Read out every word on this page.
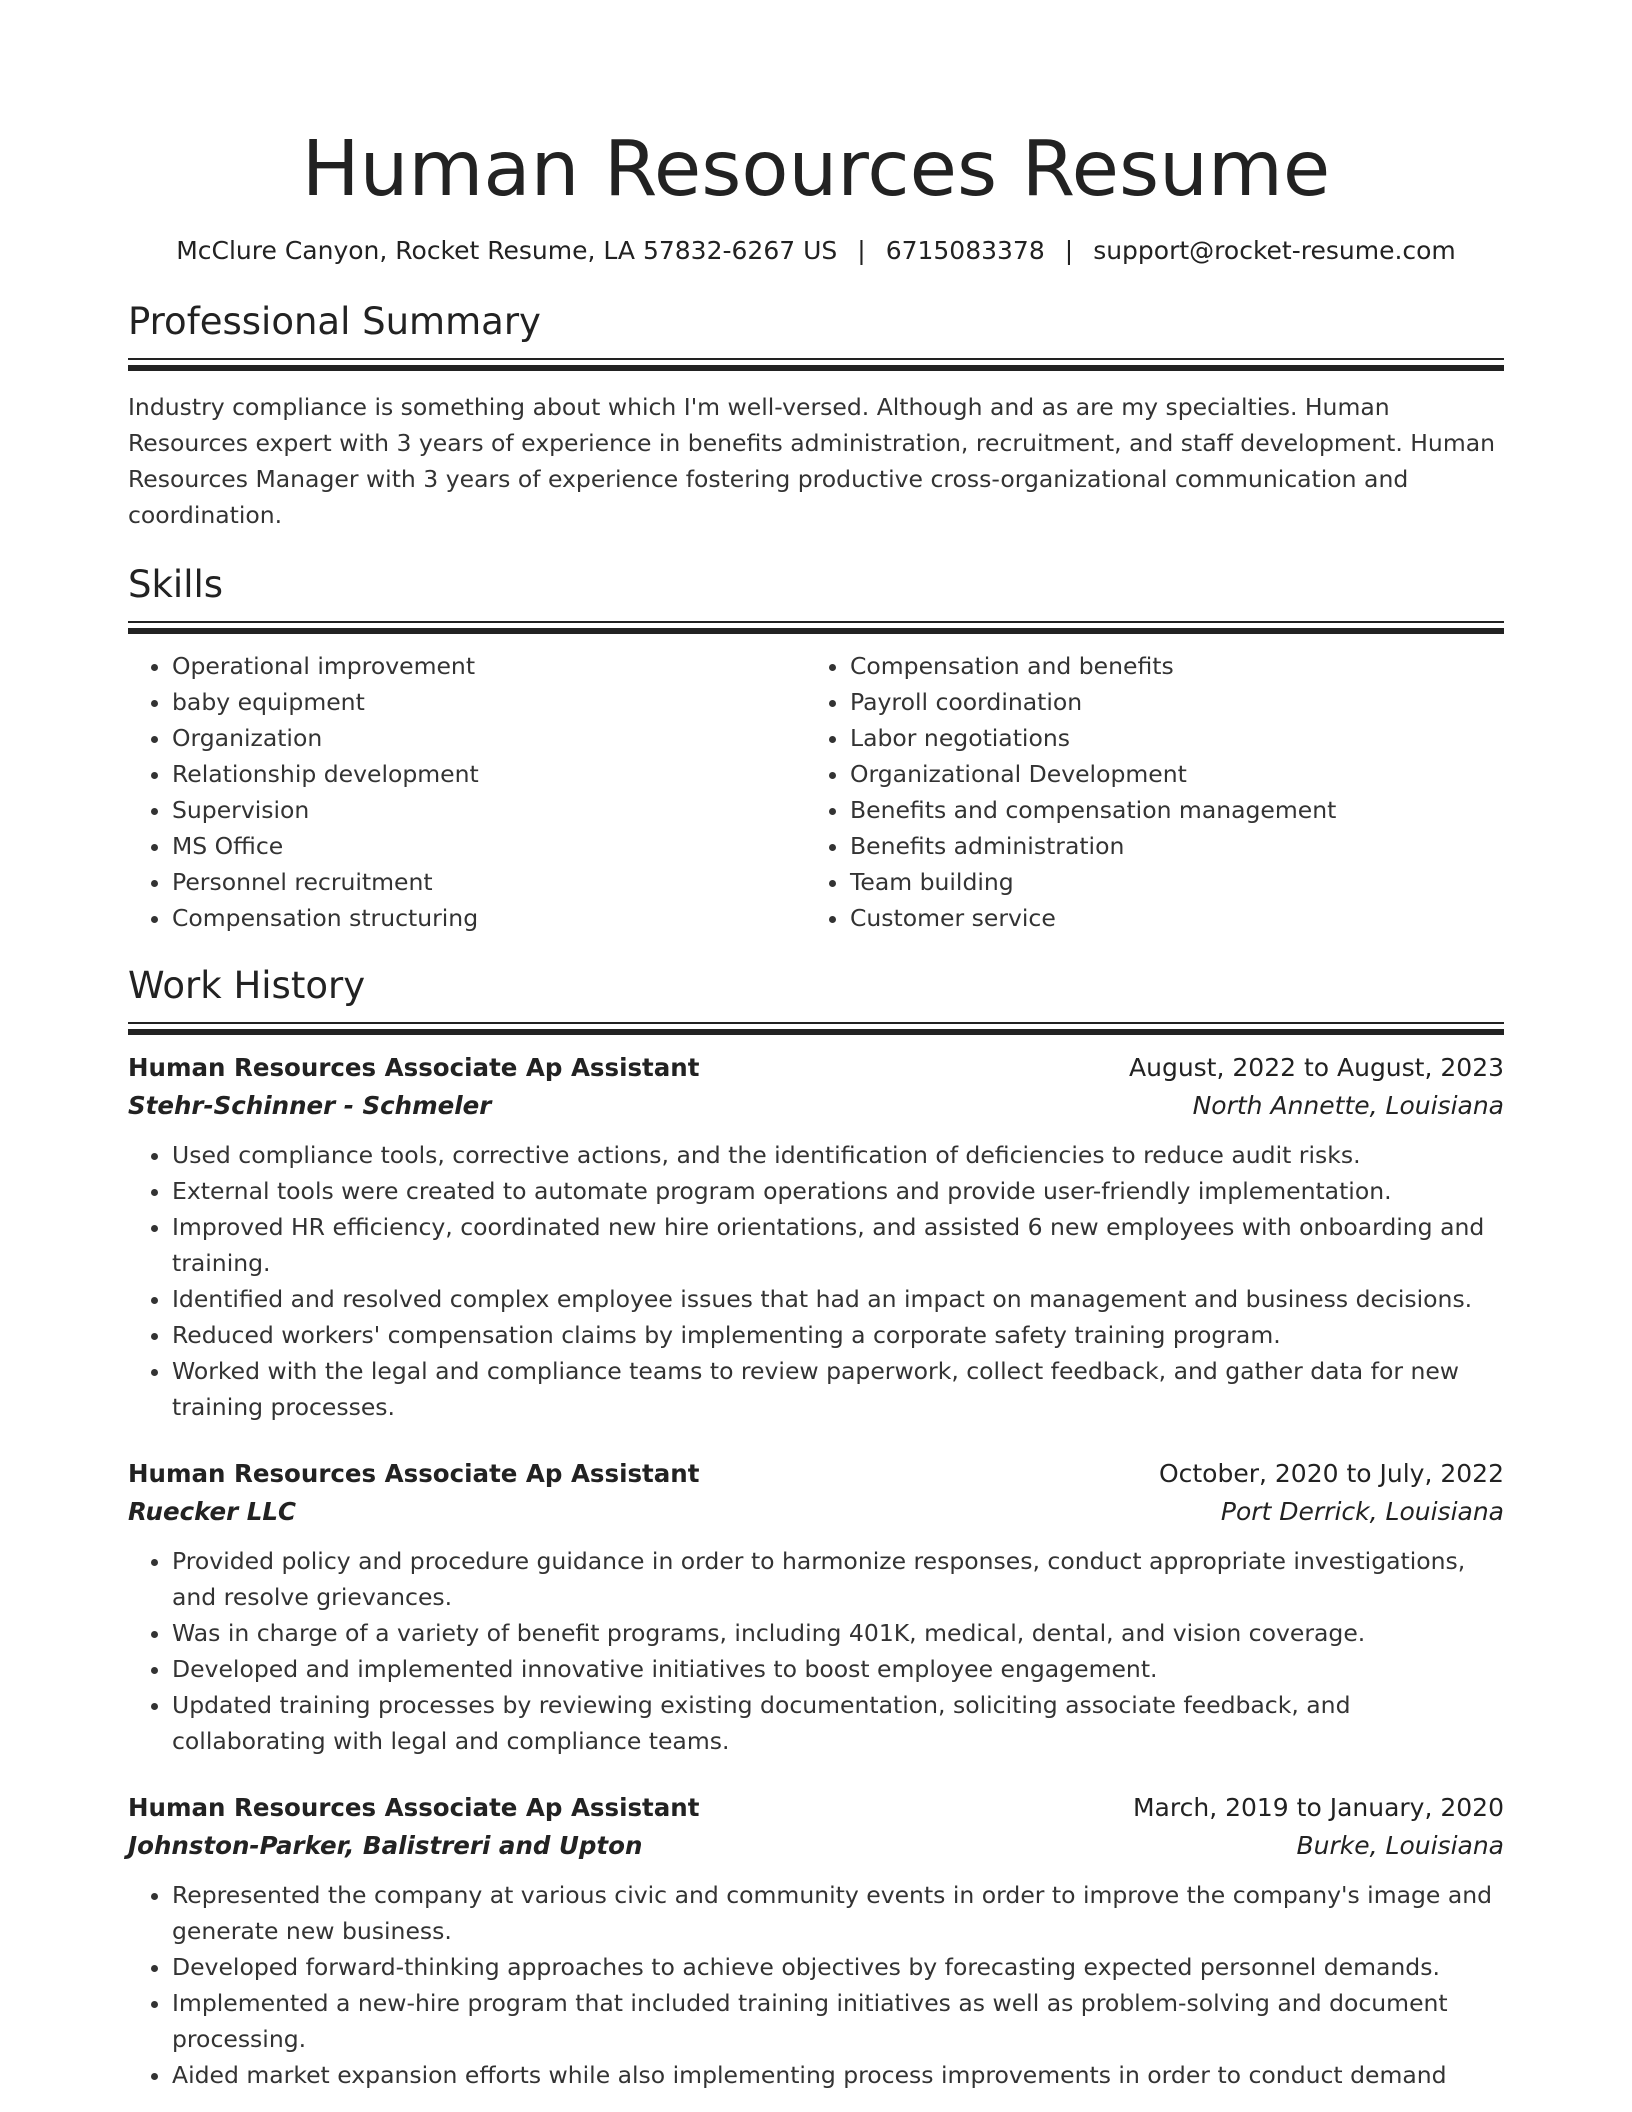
Human Resources Resume
McClure Canyon, Rocket Resume, LA 57832-6267 US | 6715083378 | support@rocket-resume.com
Professional Summary
Industry compliance is something about which I'm well-versed. Although and as are my specialties. Human Resources expert with 3 years of experience in benefits administration, recruitment, and staff development. Human Resources Manager with 3 years of experience fostering productive cross-organizational communication and coordination.
Skills
• Operational improvement
• baby equipment
• Organization
• Relationship development
• Supervision
• MS Office
• Personnel recruitment
• Compensation structuring
• Compensation and benefits
• Payroll coordination
• Labor negotiations
• Organizational Development
• Benefits and compensation management
• Benefits administration
• Team building
• Customer service
Work History
Human Resources Associate Ap Assistant	August, 2022 to August, 2023
Stehr-Schinner - Schmeler	North Annette, Louisiana
• Used compliance tools, corrective actions, and the identification of deficiencies to reduce audit risks.
• External tools were created to automate program operations and provide user-friendly implementation.
• Improved HR efficiency, coordinated new hire orientations, and assisted 6 new employees with onboarding and training.
• Identified and resolved complex employee issues that had an impact on management and business decisions.
• Reduced workers' compensation claims by implementing a corporate safety training program.
• Worked with the legal and compliance teams to review paperwork, collect feedback, and gather data for new training processes.
Human Resources Associate Ap Assistant	October, 2020 to July, 2022
Ruecker LLC	Port Derrick, Louisiana
• Provided policy and procedure guidance in order to harmonize responses, conduct appropriate investigations, and resolve grievances.
• Was in charge of a variety of benefit programs, including 401K, medical, dental, and vision coverage.
• Developed and implemented innovative initiatives to boost employee engagement.
• Updated training processes by reviewing existing documentation, soliciting associate feedback, and collaborating with legal and compliance teams.
Human Resources Associate Ap Assistant	March, 2019 to January, 2020
Johnston-Parker, Balistreri and Upton	Burke, Louisiana
• Represented the company at various civic and community events in order to improve the company's image and generate new business.
• Developed forward-thinking approaches to achieve objectives by forecasting expected personnel demands.
• Implemented a new-hire program that included training initiatives as well as problem-solving and document processing.
• Aided market expansion efforts while also implementing process improvements in order to conduct demand
